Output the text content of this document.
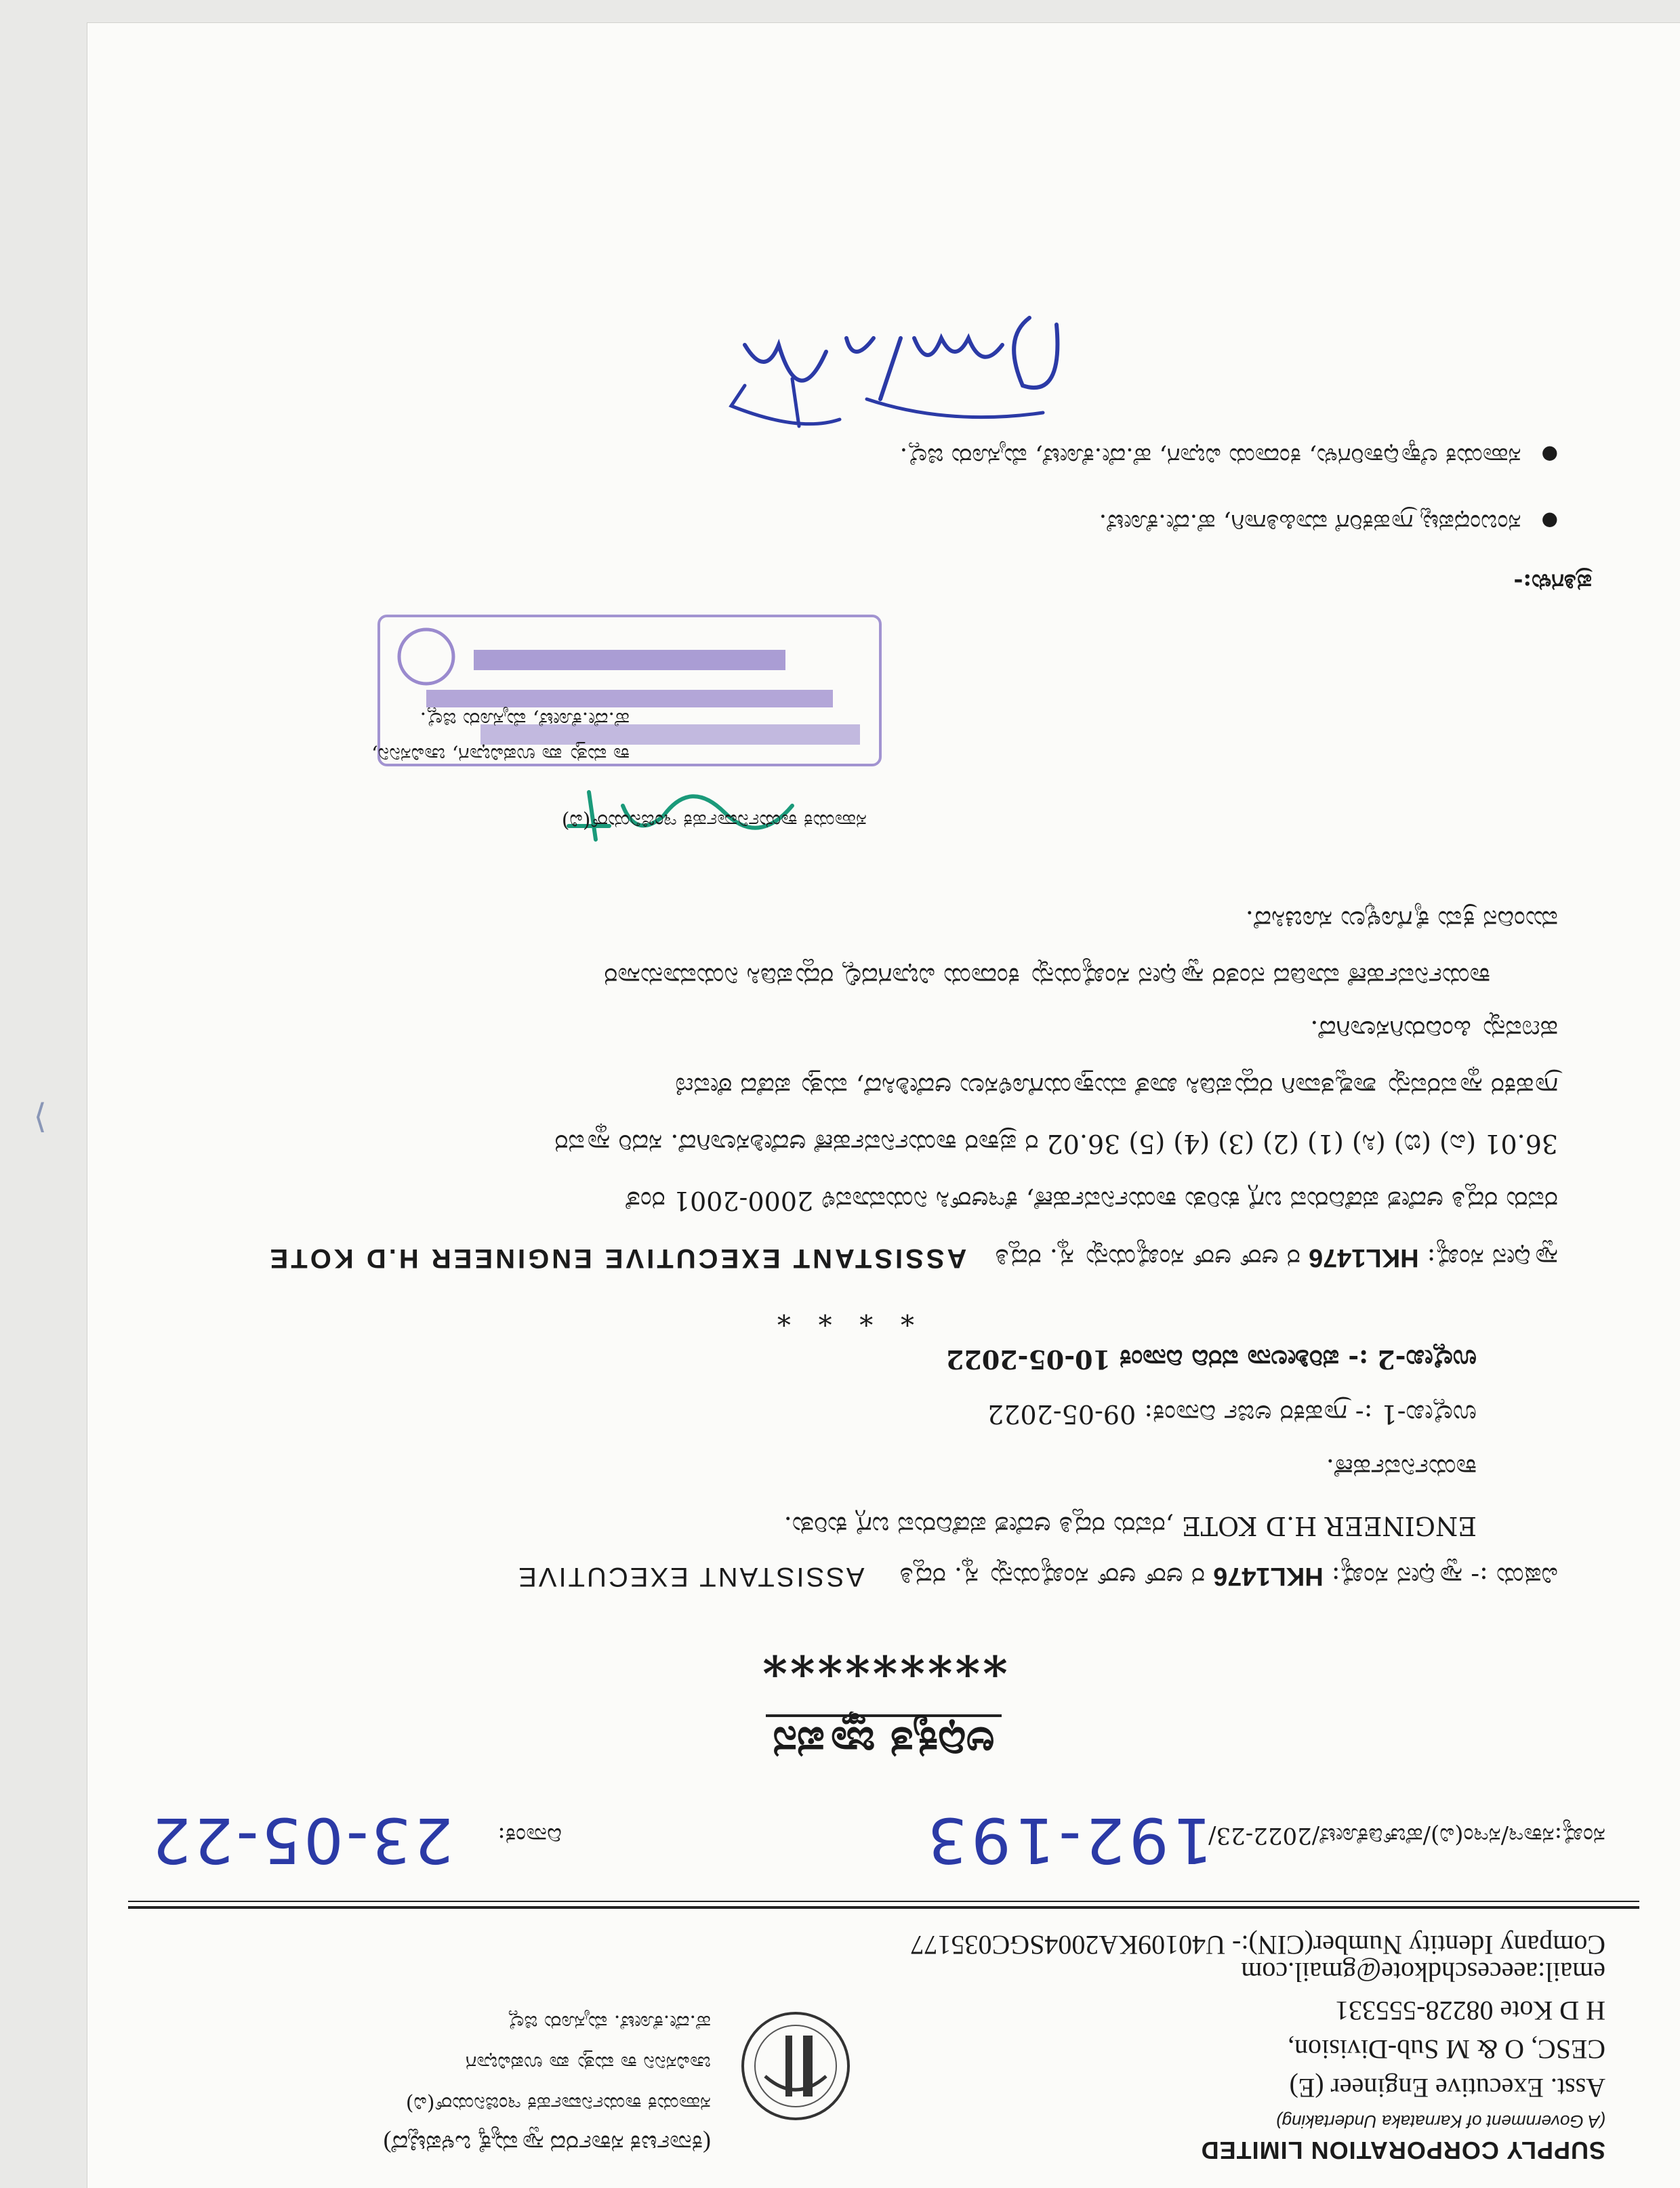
SUPPLY CORPORATION LIMITED
(A Government of Karnataka Undertaking)
Asst. Executive Engineer (E)
CESC, O & M Sub-Division,
H D Kote 08228-555331
email:aeeceschdkote@gmail.com
(ಕರ್ನಾಟಕ ಸರ್ಕಾರದ ಸ್ವಾಮ್ಯಕ್ಕೆ ಒಳಪಟ್ಟಿದೆ)
ಸಹಾಯಕ ಕಾರ್ಯನಿರ್ವಾಹಕ ಇಂಜಿನಿಯರ್(ವಿ)
ಚಾವಿಸನಿನಿ ಕಾ ಮತ್ತು ಪಾ ಉಪವಿಭಾಗ
ಹೆ.ದೇ.ಕೋಟೆ. ಮೈಸೂರು ಜಿಲ್ಲೆ
Company Identity Number(CIN):- U40109KA2004SGC035177
ಸಂಖ್ಯೆ:ಸಕಾಇ/ಸಇಂ(ವಿ)/ಹೆಚ್‌ಡಿಕೋಟೆ/2022-23/
192-193
ದಿನಾಂಕ:
23-05-22
ಅಧಿಕೃತ ಜ್ಞಾಪನ
*********
ವಿಷಯ :- ಸ್ವಾಧೀನ ಸಂಖ್ಯೆ: HKL1476 ರ ಆರ್ ಆರ್ ಸಂಖ್ಯೆಯನ್ನು ಸ್ಥ. ರದ್ದತಿ ASSISTANT EXECUTIVE
ENGINEER H.D KOTE ,ರವರು ರದ್ದತಿ ಆದೇಶ ಪಡೆದಿರುವ ಬಗ್ಗೆ ಕುರಿತು.
ಕಾರ್ಯನಿರ್ವಹಣೆ.
ಉಲ್ಲೇಖ-1 :- ಗ್ರಾಹಕರ ಅರ್ಜಿ ದಿನಾಂಕ: 09-05-2022
ಉಲ್ಲೇಖ-2 :- ಪರಿಶೀಲನಾ ವರದಿ ದಿನಾಂಕ 10-05-2022
* * * *
ಸ್ವಾಧೀನ ಸಂಖ್ಯೆ: HKL1476 ರ ಆರ್ ಆರ್ ಸಂಖ್ಯೆಯನ್ನು ಸ್ಥ. ರದ್ದತಿ ASSISTANT EXECUTIVE ENGINEER H.D KOTE
ರವರು ರದ್ದತಿ ಆದೇಶ ಪಡೆದಿರುವ ಬಗ್ಗೆ ಕುರಿತು ಕಾರ್ಯನಿರ್ವಹಣೆ, ಕೆಇಆರ್‌ಸಿ ನಿಯಮಾವಳಿ 2000-2001 ರಂತೆ
36.01 (ಎ) (ಬಿ) (ಸಿ) (1) (2) (3) (4) (5) 36.02 ರ ಪ್ರಕಾರ ಕಾರ್ಯನಿರ್ವಹಣೆ ಆದೇಶಿಸಲಾಗಿದೆ. ಸದರಿ ಸ್ಥಾವರ
ಗ್ರಾಹಕರ ಸ್ಥಾವರವನ್ನು ಶಾಶ್ವತವಾಗಿ ರದ್ದುಪಡಿಸಿ ಖಾತೆ ಮುಕ್ತಾಯಗೊಳಿಸಲು ಆದೇಶಿಸಿದೆ, ಮತ್ತು ಪಡೆದ ಠೇವಣಿ
ಹಣವನ್ನು ಹಿಂದಿರುಗಿಸಲಾಗಿದೆ.
ಕಾರ್ಯನಿರ್ವಹಣೆ ಮಾಡಿದ ನಂತರ ಸ್ವಾಧೀನ ಸಂಖ್ಯೆಯನ್ನು ಕಂದಾಯ ವಿಭಾಗದಲ್ಲಿ ರದ್ದುಪಡಿಸಿ ನಿಯಮಾನುಸಾರ
ಮುಂದಿನ ಕ್ರಮ ಕೈಗೊಳ್ಳಲು ಸೂಚಿಸಿದೆ.
ಸಹಾಯಕ ಕಾರ್ಯನಿರ್ವಾಹಕ ಇಂಜಿನಿಯರ್(ವಿ)
ಕಾ ಮತ್ತು ಪಾ ಉಪವಿಭಾಗ, ಚಾವಿಸನಿನಿ,
ಹೆ.ದೇ.ಕೋಟೆ, ಮೈಸೂರು ಜಿಲ್ಲೆ.
ಪ್ರತಿಗಳು:-
● ಸಂಬಂಧಪಟ್ಟ ಗ್ರಾಹಕರಿಗೆ ಮಾಹಿತಿಗಾಗಿ, ಹೆ.ದೇ.ಕೋಟೆ.
● ಸಹಾಯಕ ಲೆಕ್ಕಾಧಿಕಾರಿಗಳು, ಕಂದಾಯ ವಿಭಾಗ, ಹೆ.ದೇ.ಕೋಟೆ, ಮೈಸೂರು ಜಿಲ್ಲೆ.
⟩
